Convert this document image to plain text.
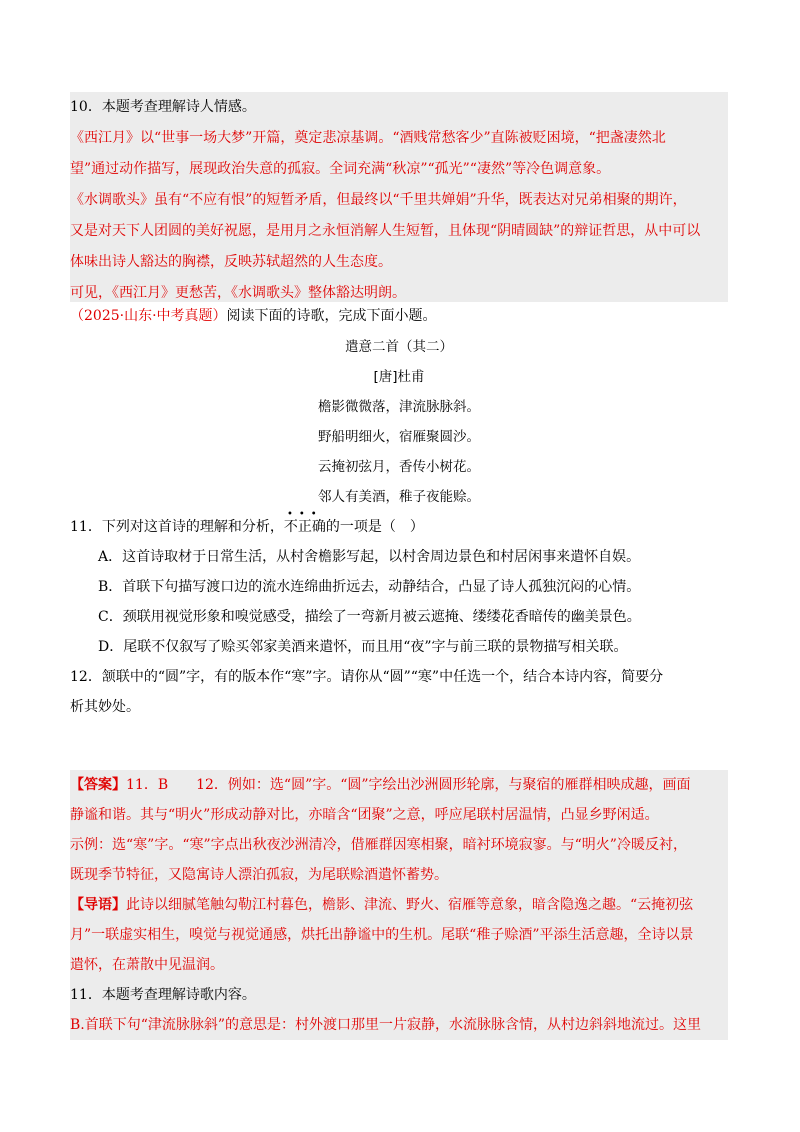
10．本题考查理解诗人情感。
《西江月》以“世事一场大梦”开篇，奠定悲凉基调。“酒贱常愁客少”直陈被贬困境，“把盏凄然北
望”通过动作描写，展现政治失意的孤寂。全词充满“秋凉”“孤光”“凄然”等冷色调意象。
《水调歌头》虽有“不应有恨”的短暂矛盾，但最终以“千里共婵娟”升华，既表达对兄弟相聚的期许，
又是对天下人团圆的美好祝愿，是用月之永恒消解人生短暂，且体现“阴晴圆缺”的辩证哲思，从中可以
体味出诗人豁达的胸襟，反映苏轼超然的人生态度。
可见，《西江月》更愁苦，《水调歌头》整体豁达明朗。
（2025·山东·中考真题）阅读下面的诗歌，完成下面小题。
遣意二首（其二）
[唐]杜甫
檐影微微落，津流脉脉斜。
野船明细火，宿雁聚圆沙。
云掩初弦月，香传小树花。
邻人有美酒，稚子夜能赊。
11．下列对这首诗的理解和分析，
•••
不正确的一项是（　）
A．这首诗取材于日常生活，从村舍檐影写起，以村舍周边景色和村居闲事来遣怀自娱。
B．首联下句描写渡口边的流水连绵曲折远去，动静结合，凸显了诗人孤独沉闷的心情。
C．颈联用视觉形象和嗅觉感受，描绘了一弯新月被云遮掩、缕缕花香暗传的幽美景色。
D．尾联不仅叙写了赊买邻家美酒来遣怀，而且用“夜”字与前三联的景物描写相关联。
12．颔联中的“圆”字，有的版本作“寒”字。请你从“圆”“寒”中任选一个，结合本诗内容，简要分
析其妙处。
【答案】11．B　　12．例如：选“圆”字。“圆”字绘出沙洲圆形轮廓，与聚宿的雁群相映成趣，画面
静谧和谐。其与“明火”形成动静对比，亦暗含“团聚”之意，呼应尾联村居温情，凸显乡野闲适。
示例：选“寒”字。“寒”字点出秋夜沙洲清冷，借雁群因寒相聚，暗衬环境寂寥。与“明火”冷暖反衬，
既现季节特征，又隐寓诗人漂泊孤寂，为尾联赊酒遣怀蓄势。
【导语】此诗以细腻笔触勾勒江村暮色，檐影、津流、野火、宿雁等意象，暗含隐逸之趣。“云掩初弦
月”一联虚实相生，嗅觉与视觉通感，烘托出静谧中的生机。尾联“稚子赊酒”平添生活意趣，全诗以景
遣怀，在萧散中见温润。
11．本题考查理解诗歌内容。
B.首联下句“津流脉脉斜”的意思是：村外渡口那里一片寂静，水流脉脉含情，从村边斜斜地流过。这里
